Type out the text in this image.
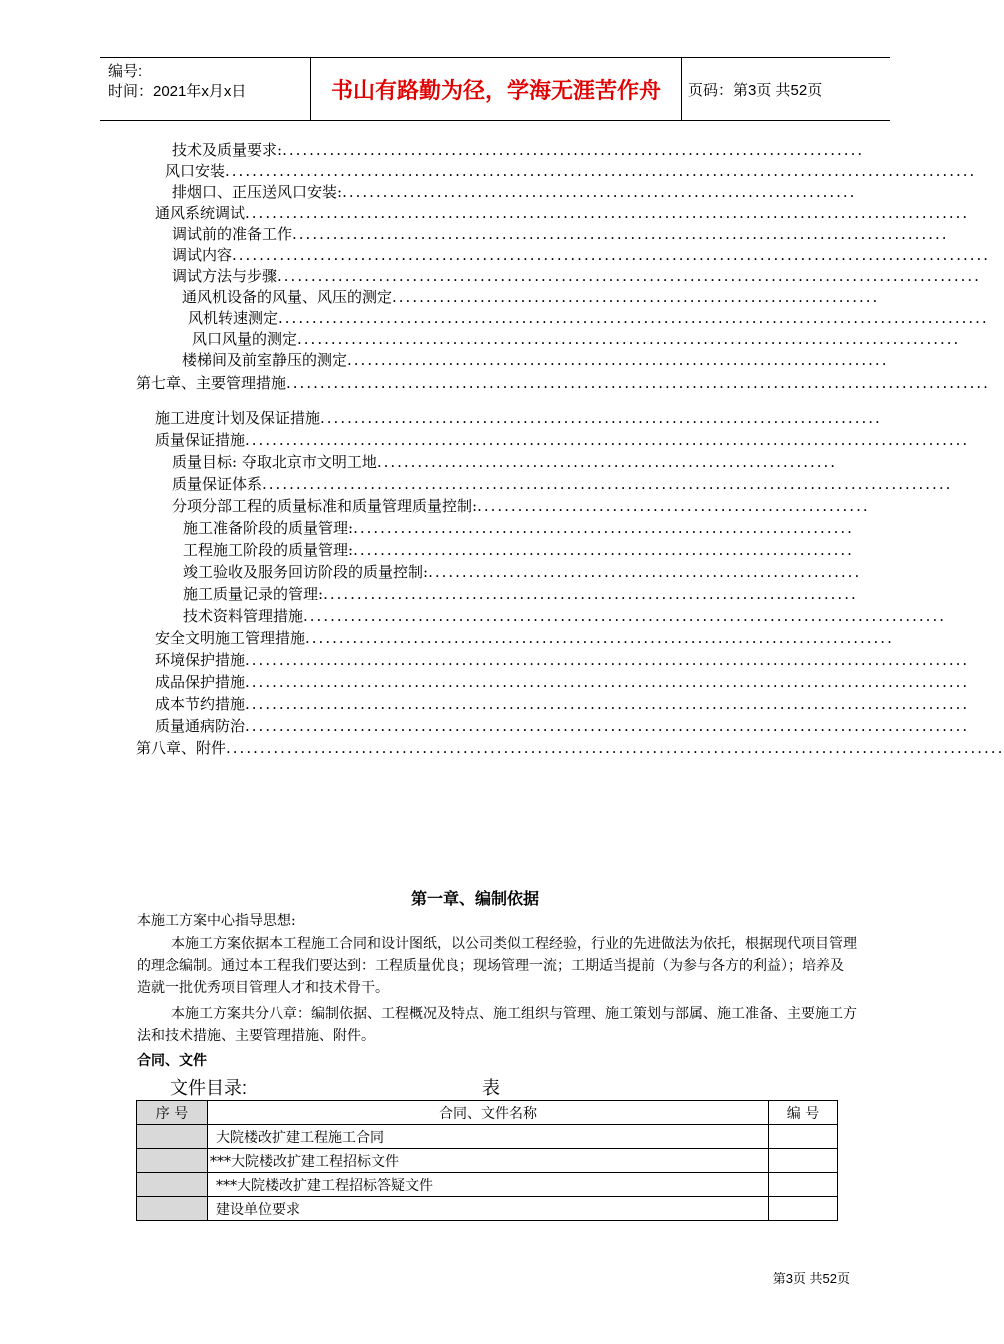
编号:
时间：2021年x月x日	书山有路勤为径，学海无涯苦作舟	页码：第3页 共52页
技术及质量要求: ......................................................................................
风口安装 ...............................................................................................................
排烟口、正压送风口安装: ............................................................................
通风系统调试 ...........................................................................................................
调试前的准备工作 .................................................................................................
调试内容 ................................................................................................................
调试方法与步骤 ........................................................................................................
通风机设备的风量、风压的测定 ........................................................................
风机转速测定 .........................................................................................................
风口风量的测定 ..................................................................................................
楼梯间及前室静压的测定 ................................................................................
第七章、主要管理措施 ........................................................................................................
施工进度计划及保证措施 ...................................................................................
质量保证措施 ...........................................................................................................
质量目标: 夺取北京市文明工地 ....................................................................
质量保证体系 ......................................................................................................
分项分部工程的质量标准和质量管理质量控制: ..........................................................
施工准备阶段的质量管理: ..........................................................................
工程施工阶段的质量管理: ..........................................................................
竣工验收及服务回访阶段的质量控制: ................................................................
施工质量记录的管理: ...............................................................................
技术资料管理措施 ...............................................................................................
安全文明施工管理措施 .......................................................................................
环境保护措施 ...........................................................................................................
成品保护措施 ...........................................................................................................
成本节约措施 ...........................................................................................................
质量通病防治 ...........................................................................................................
第八章、附件 ...................................................................................................................
第一章、编制依据
本施工方案中心指导思想:
本施工方案依据本工程施工合同和设计图纸，以公司类似工程经验，行业的先进做法为依托，根据现代项目管理的理念编制。通过本工程我们要达到：工程质量优良；现场管理一流；工期适当提前（为参与各方的利益）；培养及造就一批优秀项目管理人才和技术骨干。
本施工方案共分八章：编制依据、工程概况及特点、施工组织与管理、施工策划与部属、施工准备、主要施工方法和技术措施、主要管理措施、附件。
合同、文件
文件目录:	表
序 号	合同、文件名称	编 号
	大院楼改扩建工程施工合同	
	***大院楼改扩建工程招标文件	
	***大院楼改扩建工程招标答疑文件	
	建设单位要求	
第3页 共52页
